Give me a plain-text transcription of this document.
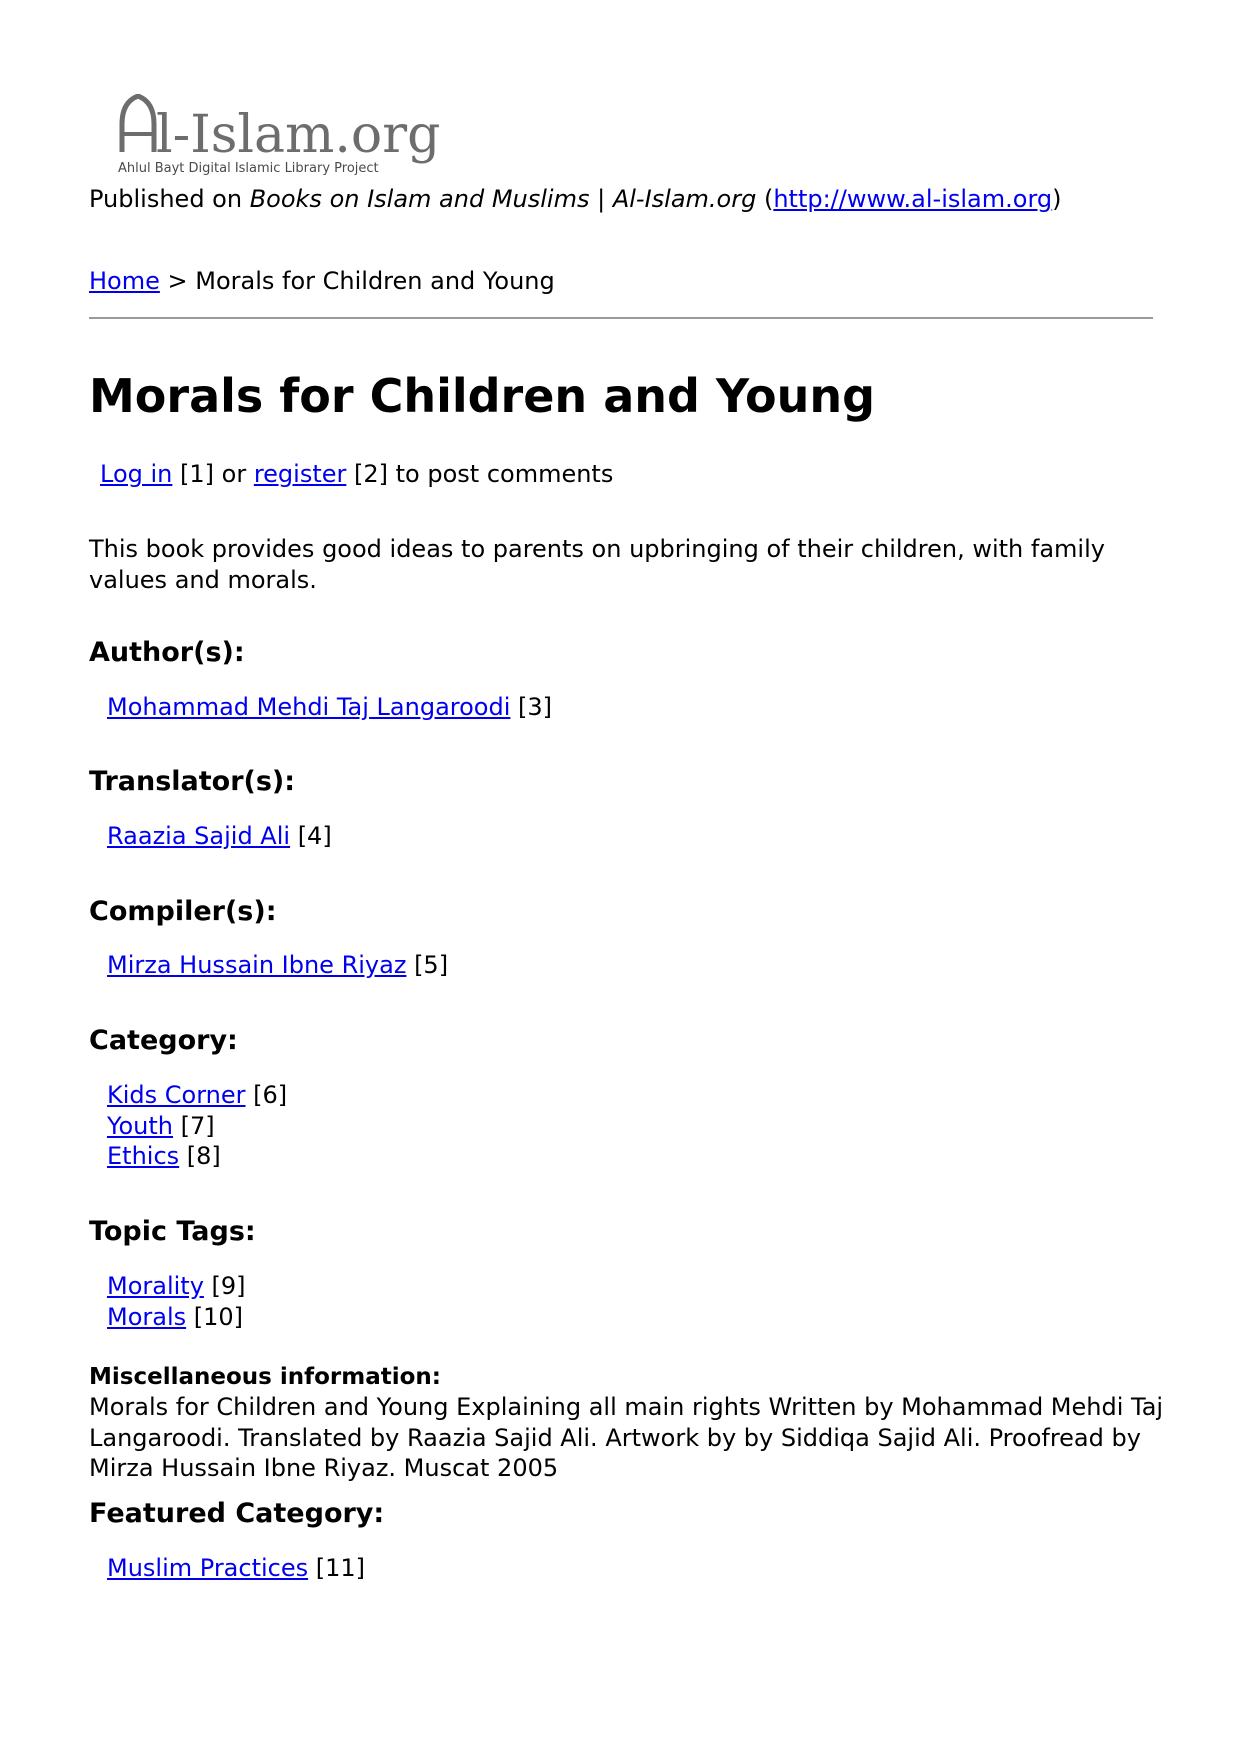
l-Islam.org
Ahlul Bayt Digital Islamic Library Project
Published on Books on Islam and Muslims | Al-Islam.org (http://www.al-islam.org)
Home > Morals for Children and Young
Morals for Children and Young
Log in [1] or register [2] to post comments
This book provides good ideas to parents on upbringing of their children, with family values and morals.
Author(s):
Mohammad Mehdi Taj Langaroodi [3]
Translator(s):
Raazia Sajid Ali [4]
Compiler(s):
Mirza Hussain Ibne Riyaz [5]
Category:
Kids Corner [6]
Youth [7]
Ethics [8]
Topic Tags:
Morality [9]
Morals [10]
Miscellaneous information:
Morals for Children and Young Explaining all main rights Written by Mohammad Mehdi Taj Langaroodi. Translated by Raazia Sajid Ali. Artwork by by Siddiqa Sajid Ali. Proofread by Mirza Hussain Ibne Riyaz. Muscat 2005
Featured Category:
Muslim Practices [11]
